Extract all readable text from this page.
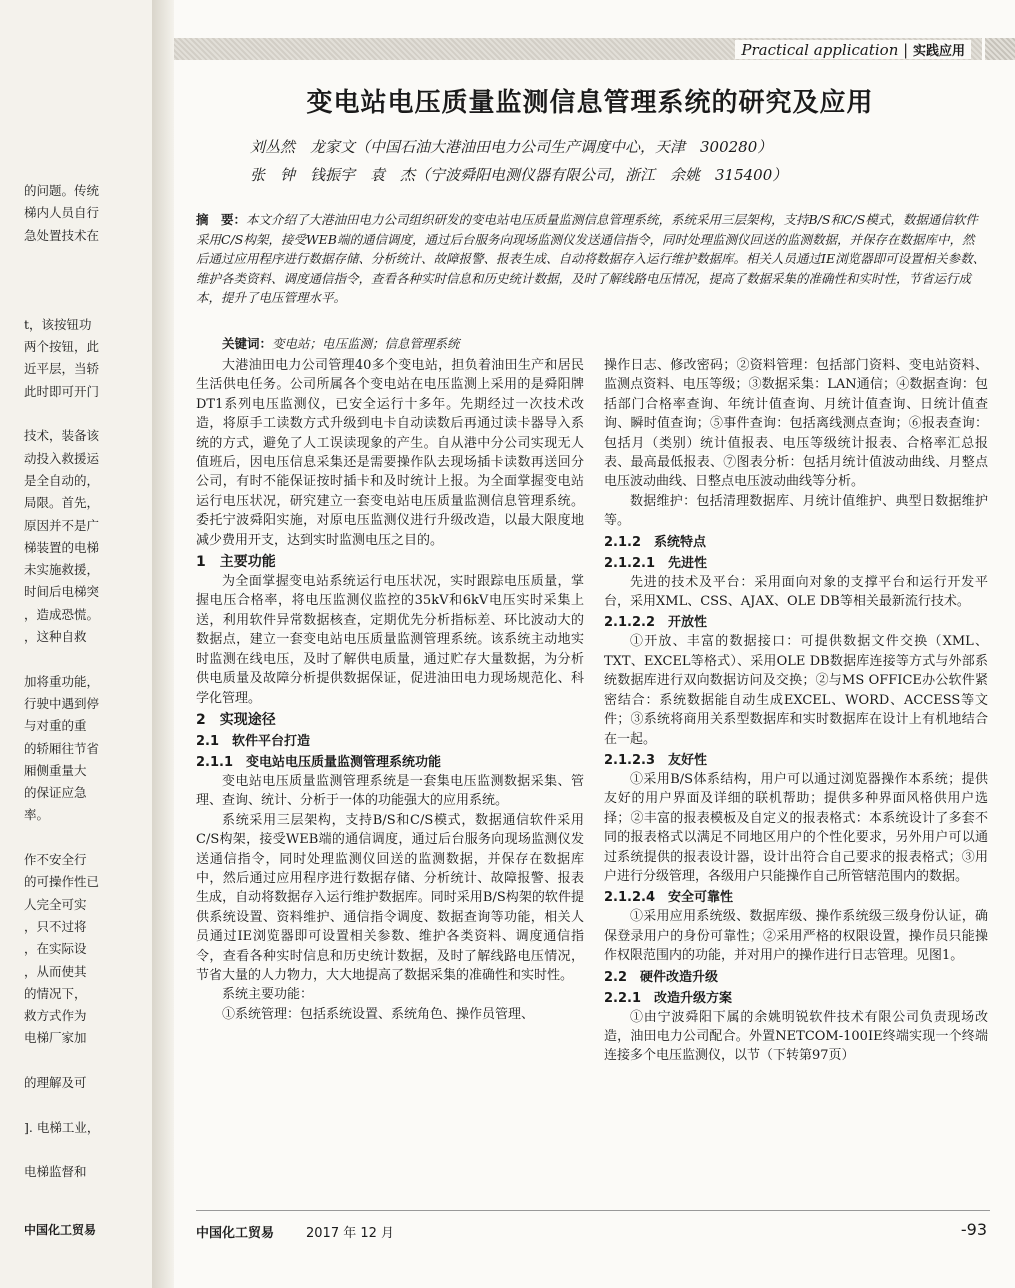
的问题。传统
梯内人员自行
急处置技术在
t，该按钮功
两个按钮，此
近平层，当轿
此时即可开门
技术，装备该
动投入救援运
是全自动的，
局限。首先，
原因并不是广
梯装置的电梯
未实施救援，
时间后电梯突
，造成恐慌。
，这种自救
加将重功能，
行驶中遇到停
与对重的重
的轿厢往节省
厢侧重量大
的保证应急
率。
作不安全行
的可操作性已
人完全可实
，只不过将
，在实际设
，从而使其
的情况下，
救方式作为
电梯厂家加
的理解及可
]. 电梯工业，
电梯监督和
中国化工贸易
Practical application | 实践应用
变电站电压质量监测信息管理系统的研究及应用
刘丛然　龙家文（中国石油大港油田电力公司生产调度中心，天津　300280）
张　钟　钱振宇　袁　杰（宁波舜阳电测仪器有限公司，浙江　余姚　315400）
摘　要：本文介绍了大港油田电力公司组织研发的变电站电压质量监测信息管理系统，系统采用三层架构，支持B/S和C/S模式，数据通信软件采用C/S构架，接受WEB端的通信调度，通过后台服务向现场监测仪发送通信指令，同时处理监测仪回送的监测数据，并保存在数据库中，然后通过应用程序进行数据存储、分析统计、故障报警、报表生成、自动将数据存入运行维护数据库。相关人员通过IE浏览器即可设置相关参数、维护各类资料、调度通信指令，查看各种实时信息和历史统计数据，及时了解线路电压情况，提高了数据采集的准确性和实时性，节省运行成本，提升了电压管理水平。
关键词：变电站；电压监测；信息管理系统

大港油田电力公司管理40多个变电站，担负着油田生产和居民生活供电任务。公司所属各个变电站在电压监测上采用的是舜阳牌DT1系列电压监测仪，已安全运行十多年。先期经过一次技术改造，将原手工读数方式升级到电卡自动读数后再通过读卡器导入系统的方式，避免了人工误读现象的产生。自从港中分公司实现无人值班后，因电压信息采集还是需要操作队去现场插卡读数再送回分公司，有时不能保证按时插卡和及时统计上报。为全面掌握变电站运行电压状况，研究建立一套变电站电压质量监测信息管理系统。委托宁波舜阳实施，对原电压监测仪进行升级改造，以最大限度地减少费用开支，达到实时监测电压之目的。

1　主要功能

为全面掌握变电站系统运行电压状况，实时跟踪电压质量，掌握电压合格率，将电压监测仪监控的35kV和6kV电压实时采集上送，利用软件异常数据核查，定期优先分析指标差、环比波动大的数据点，建立一套变电站电压质量监测管理系统。该系统主动地实时监测在线电压，及时了解供电质量，通过贮存大量数据，为分析供电质量及故障分析提供数据保证，促进油田电力现场规范化、科学化管理。

2　实现途径
2.1　软件平台打造
2.1.1　变电站电压质量监测管理系统功能

变电站电压质量监测管理系统是一套集电压监测数据采集、管理、查询、统计、分析于一体的功能强大的应用系统。

系统采用三层架构，支持B/S和C/S模式，数据通信软件采用C/S构架，接受WEB端的通信调度，通过后台服务向现场监测仪发送通信指令，同时处理监测仪回送的监测数据，并保存在数据库中，然后通过应用程序进行数据存储、分析统计、故障报警、报表生成，自动将数据存入运行维护数据库。同时采用B/S构架的软件提供系统设置、资料维护、通信指令调度、数据查询等功能，相关人员通过IE浏览器即可设置相关参数、维护各类资料、调度通信指令，查看各种实时信息和历史统计数据，及时了解线路电压情况，节省大量的人力物力，大大地提高了数据采集的准确性和实时性。

系统主要功能：

①系统管理：包括系统设置、系统角色、操作员管理、

操作日志、修改密码；②资料管理：包括部门资料、变电站资料、监测点资料、电压等级；③数据采集：LAN通信；④数据查询：包括部门合格率查询、年统计值查询、月统计值查询、日统计值查询、瞬时值查询；⑤事件查询：包括离线测点查询；⑥报表查询：包括月（类别）统计值报表、电压等级统计报表、合格率汇总报表、最高最低报表、⑦图表分析：包括月统计值波动曲线、月整点电压波动曲线、日整点电压波动曲线等分析。

数据维护：包括清理数据库、月统计值维护、典型日数据维护等。

2.1.2　系统特点
2.1.2.1　先进性

先进的技术及平台：采用面向对象的支撑平台和运行开发平台，采用XML、CSS、AJAX、OLE DB等相关最新流行技术。

2.1.2.2　开放性

①开放、丰富的数据接口：可提供数据文件交换（XML、TXT、EXCEL等格式）、采用OLE DB数据库连接等方式与外部系统数据库进行双向数据访问及交换；②与MS OFFICE办公软件紧密结合：系统数据能自动生成EXCEL、WORD、ACCESS等文件；③系统将商用关系型数据库和实时数据库在设计上有机地结合在一起。

2.1.2.3　友好性

①采用B/S体系结构，用户可以通过浏览器操作本系统；提供友好的用户界面及详细的联机帮助；提供多种界面风格供用户选择；②丰富的报表模板及自定义的报表格式：本系统设计了多套不同的报表格式以满足不同地区用户的个性化要求，另外用户可以通过系统提供的报表设计器，设计出符合自己要求的报表格式；③用户进行分级管理，各级用户只能操作自己所管辖范围内的数据。

2.1.2.4　安全可靠性

①采用应用系统级、数据库级、操作系统级三级身份认证，确保登录用户的身份可靠性；②采用严格的权限设置，操作员只能操作权限范围内的功能，并对用户的操作进行日志管理。见图1。

2.2　硬件改造升级
2.2.1　改造升级方案

①由宁波舜阳下属的余姚明锐软件技术有限公司负责现场改造，油田电力公司配合。外置NETCOM-100IE终端实现一个终端连接多个电压监测仪，以节（下转第97页）

中国化工贸易 2017 年 12 月	-93
